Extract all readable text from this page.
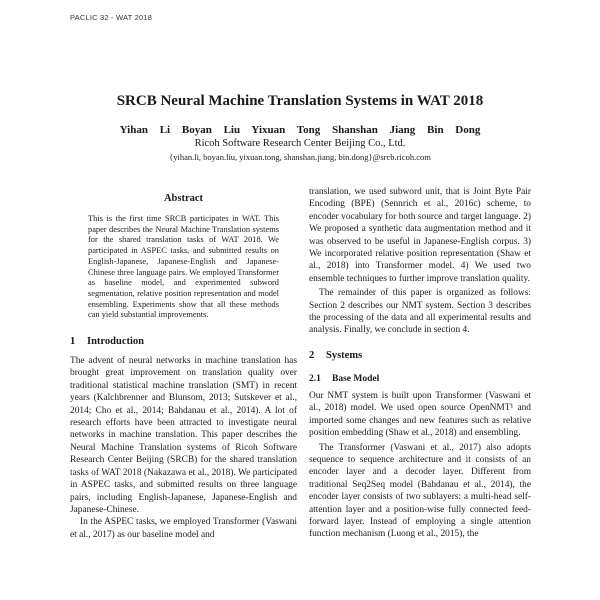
PACLIC 32 - WAT 2018
SRCB Neural Machine Translation Systems in WAT 2018
Yihan Li Boyan Liu Yixuan Tong Shanshan Jiang Bin Dong
Ricoh Software Research Center Beijing Co., Ltd.
{yihan.li, boyan.liu, yixuan.tong, shanshan.jiang, bin.dong}@srcb.ricoh.com

Abstract

This is the first time SRCB participates in WAT. This paper describes the Neural Machine Translation systems for the shared translation tasks of WAT 2018. We participated in ASPEC tasks, and submitted results on English-Japanese, Japanese-English and Japanese-Chinese three language pairs. We employed Transformer as baseline model, and experimented subword segmentation, relative position representation and model ensembling. Experiments show that all these methods can yield substantial improvements.

1 Introduction

The advent of neural networks in machine translation has brought great improvement on translation quality over traditional statistical machine translation (SMT) in recent years (Kalchbrenner and Blunsom, 2013; Sutskever et al., 2014; Cho et al., 2014; Bahdanau et al., 2014). A lot of research efforts have been attracted to investigate neural networks in machine translation. This paper describes the Neural Machine Translation systems of Ricoh Software Research Center Beijing (SRCB) for the shared translation tasks of WAT 2018 (Nakazawa et al., 2018). We participated in ASPEC tasks, and submitted results on three language pairs, including English-Japanese, Japanese-English and Japanese-Chinese.

In the ASPEC tasks, we employed Transformer (Vaswani et al., 2017) as our baseline model and

translation, we used subword unit, that is Joint Byte Pair Encoding (BPE) (Sennrich et al., 2016c) scheme, to encoder vocabulary for both source and target language. 2) We proposed a synthetic data augmentation method and it was observed to be useful in Japanese-English corpus. 3) We incorporated relative position representation (Shaw et al., 2018) into Transformer model. 4) We used two ensemble techniques to further improve translation quality.

The remainder of this paper is organized as follows: Section 2 describes our NMT system. Section 3 describes the processing of the data and all experimental results and analysis. Finally, we conclude in section 4.

2 Systems

2.1 Base Model

Our NMT system is built upon Transformer (Vaswani et al., 2018) model. We used open source OpenNMT¹ and imported some changes and new features such as relative position embedding (Shaw et al., 2018) and ensembling.

The Transformer (Vaswani et al., 2017) also adopts sequence to sequence architecture and it consists of an encoder layer and a decoder layer. Different from traditional Seq2Seq model (Bahdanau et al., 2014), the encoder layer consists of two sublayers: a multi-head self-attention layer and a position-wise fully connected feed-forward layer. Instead of employing a single attention function mechanism (Luong et al., 2015), the
